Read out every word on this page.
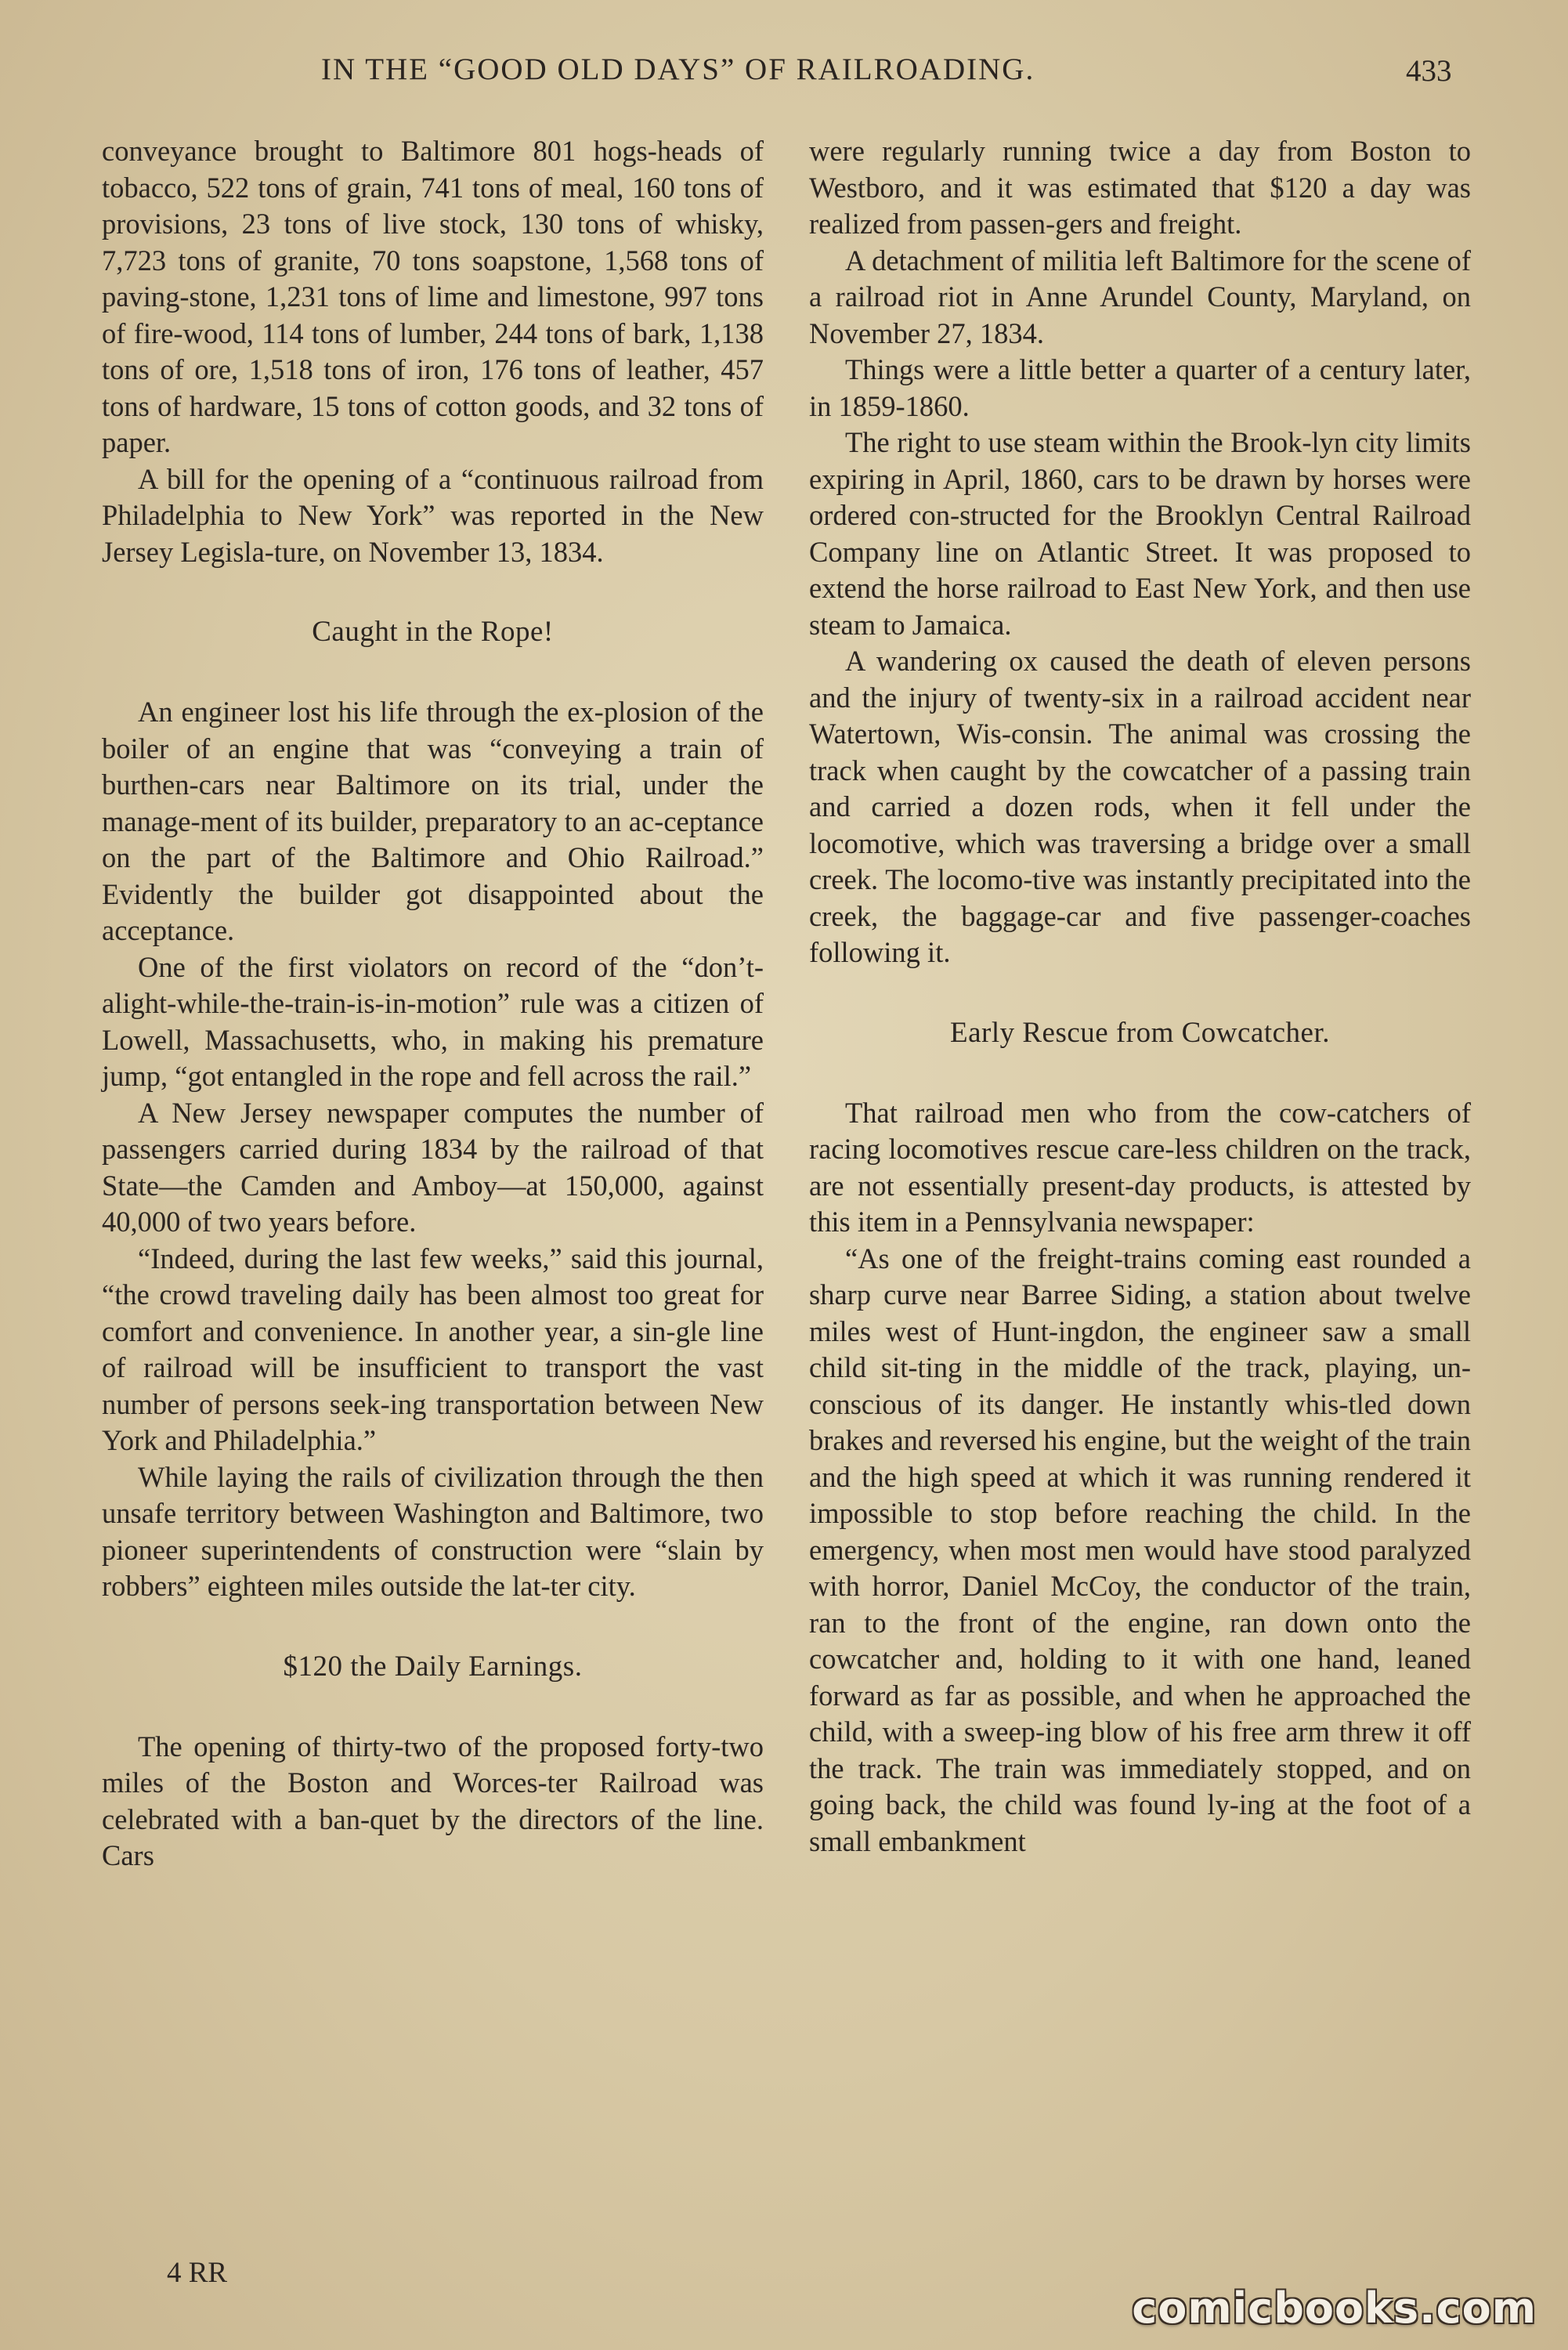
IN THE “GOOD OLD DAYS” OF RAILROADING.	433

conveyance brought to Baltimore 801 hogs-heads of tobacco, 522 tons of grain, 741 tons of meal, 160 tons of provisions, 23 tons of live stock, 130 tons of whisky, 7,723 tons of granite, 70 tons soapstone, 1,568 tons of paving-stone, 1,231 tons of lime and limestone, 997 tons of fire-wood, 114 tons of lumber, 244 tons of bark, 1,138 tons of ore, 1,518 tons of iron, 176 tons of leather, 457 tons of hardware, 15 tons of cotton goods, and 32 tons of paper.

A bill for the opening of a “continuous railroad from Philadelphia to New York” was reported in the New Jersey Legisla-ture, on November 13, 1834.

Caught in the Rope!

An engineer lost his life through the ex-plosion of the boiler of an engine that was “conveying a train of burthen-cars near Baltimore on its trial, under the manage-ment of its builder, preparatory to an ac-ceptance on the part of the Baltimore and Ohio Railroad.” Evidently the builder got disappointed about the acceptance.

One of the first violators on record of the “don’t-alight-while-the-train-is-in-motion” rule was a citizen of Lowell, Massachusetts, who, in making his premature jump, “got entangled in the rope and fell across the rail.”

A New Jersey newspaper computes the number of passengers carried during 1834 by the railroad of that State—the Camden and Amboy—at 150,000, against 40,000 of two years before.

“Indeed, during the last few weeks,” said this journal, “the crowd traveling daily has been almost too great for comfort and convenience. In another year, a sin-gle line of railroad will be insufficient to transport the vast number of persons seek-ing transportation between New York and Philadelphia.”

While laying the rails of civilization through the then unsafe territory between Washington and Baltimore, two pioneer superintendents of construction were “slain by robbers” eighteen miles outside the lat-ter city.

$120 the Daily Earnings.

The opening of thirty-two of the proposed forty-two miles of the Boston and Worces-ter Railroad was celebrated with a ban-quet by the directors of the line. Cars

were regularly running twice a day from Boston to Westboro, and it was estimated that $120 a day was realized from passen-gers and freight.

A detachment of militia left Baltimore for the scene of a railroad riot in Anne Arundel County, Maryland, on November 27, 1834.

Things were a little better a quarter of a century later, in 1859-1860.

The right to use steam within the Brook-lyn city limits expiring in April, 1860, cars to be drawn by horses were ordered con-structed for the Brooklyn Central Railroad Company line on Atlantic Street. It was proposed to extend the horse railroad to East New York, and then use steam to Jamaica.

A wandering ox caused the death of eleven persons and the injury of twenty-six in a railroad accident near Watertown, Wis-consin. The animal was crossing the track when caught by the cowcatcher of a passing train and carried a dozen rods, when it fell under the locomotive, which was traversing a bridge over a small creek. The locomo-tive was instantly precipitated into the creek, the baggage-car and five passenger-coaches following it.

Early Rescue from Cowcatcher.

That railroad men who from the cow-catchers of racing locomotives rescue care-less children on the track, are not essentially present-day products, is attested by this item in a Pennsylvania newspaper:

“As one of the freight-trains coming east rounded a sharp curve near Barree Siding, a station about twelve miles west of Hunt-ingdon, the engineer saw a small child sit-ting in the middle of the track, playing, un-conscious of its danger. He instantly whis-tled down brakes and reversed his engine, but the weight of the train and the high speed at which it was running rendered it impossible to stop before reaching the child. In the emergency, when most men would have stood paralyzed with horror, Daniel McCoy, the conductor of the train, ran to the front of the engine, ran down onto the cowcatcher and, holding to it with one hand, leaned forward as far as possible, and when he approached the child, with a sweep-ing blow of his free arm threw it off the track. The train was immediately stopped, and on going back, the child was found ly-ing at the foot of a small embankment

4 RR
comicbooks.com
